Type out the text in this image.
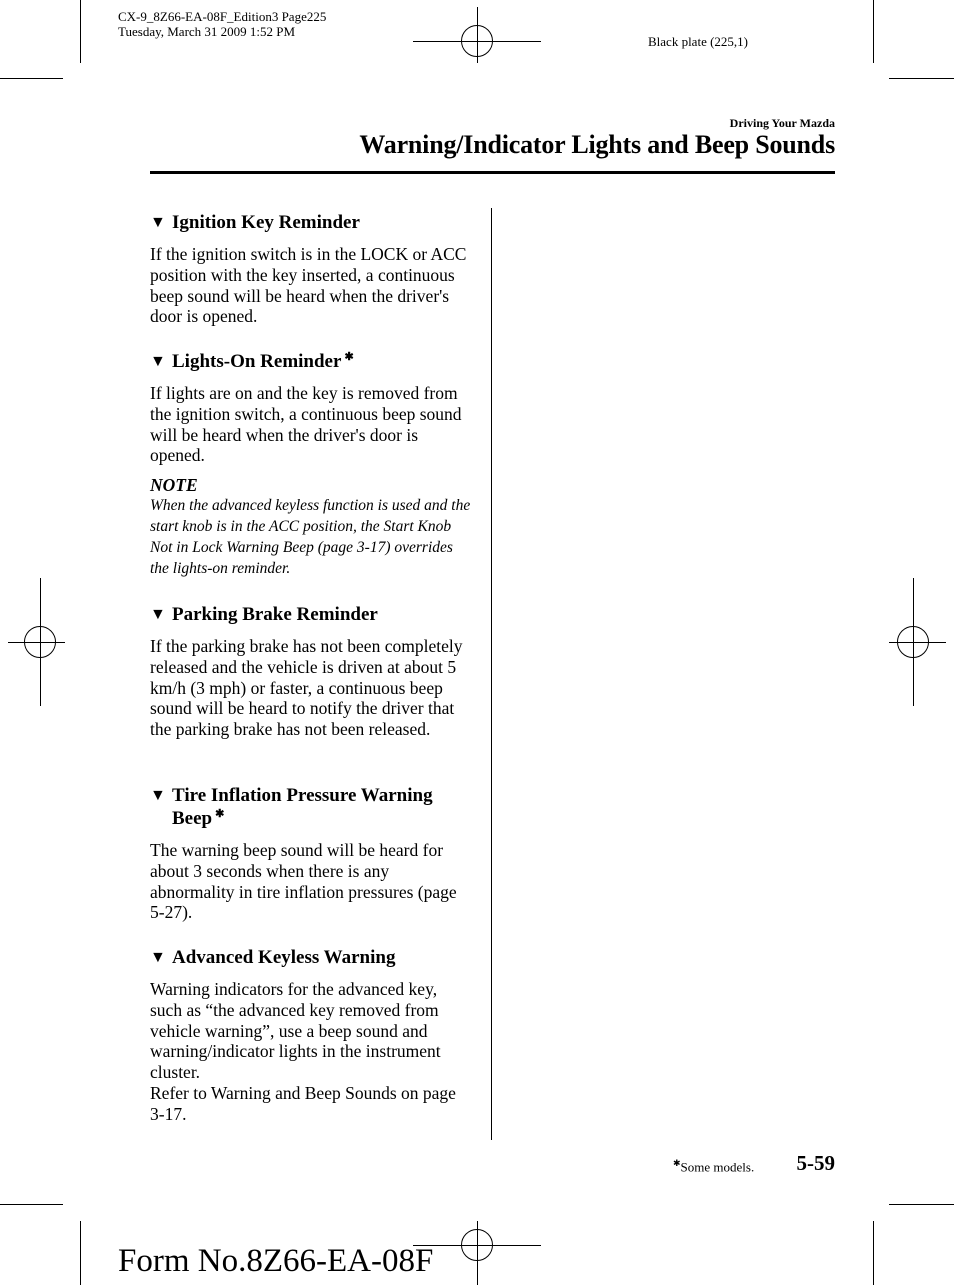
CX-9_8Z66-EA-08F_Edition3 Page225
Tuesday, March 31 2009 1:52 PM
Black plate (225,1)
Driving Your Mazda
Warning/Indicator Lights and Beep Sounds
▼ Ignition Key Reminder

If the ignition switch is in the LOCK or ACC position with the key inserted, a continuous beep sound will be heard when the driver's door is opened.

▼ Lights-On Reminder ✱

If lights are on and the key is removed from the ignition switch, a continuous beep sound will be heard when the driver's door is opened.

NOTE

When the advanced keyless function is used and the start knob is in the ACC position, the Start Knob Not in Lock Warning Beep (page 3-17) overrides the lights-on reminder.

▼ Parking Brake Reminder

If the parking brake has not been completely released and the vehicle is driven at about 5 km/h (3 mph) or faster, a continuous beep sound will be heard to notify the driver that the parking brake has not been released.

▼ Tire Inflation Pressure Warning Beep ✱

The warning beep sound will be heard for about 3 seconds when there is any abnormality in tire inflation pressures (page 5-27).

▼ Advanced Keyless Warning

Warning indicators for the advanced key, such as “the advanced key removed from vehicle warning”, use a beep sound and warning/indicator lights in the instrument cluster.

Refer to Warning and Beep Sounds on page 3-17.

✱Some models. 5-59
Form No.8Z66-EA-08F
